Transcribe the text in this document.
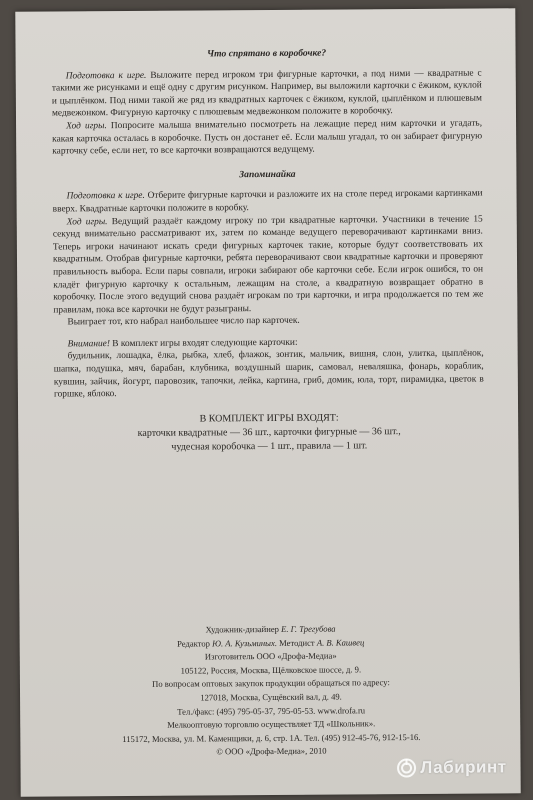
Что спрятано в коробочке?

Подготовка к игре. Выложите перед игроком три фигурные карточки, а под ними — квадратные с такими же рисунками и ещё одну с другим рисунком. Например, вы выложили карточки с ёжиком, куклой и цыплёнком. Под ними такой же ряд из квадратных карточек с ёжиком, куклой, цыплёнком и плюшевым медвежонком. Фигурную карточку с плюшевым медвежонком положите в коробочку.

Ход игры. Попросите малыша внимательно посмотреть на лежащие перед ним карточки и угадать, какая карточка осталась в коробочке. Пусть он достанет её. Если малыш угадал, то он забирает фигурную карточку себе, если нет, то все карточки возвращаются ведущему.

Запоминайка

Подготовка к игре. Отберите фигурные карточки и разложите их на столе перед игроками картинками вверх. Квадратные карточки положите в коробку.

Ход игры. Ведущий раздаёт каждому игроку по три квадратные карточки. Участники в течение 15 секунд внимательно рассматривают их, затем по команде ведущего переворачивают картинками вниз. Теперь игроки начинают искать среди фигурных карточек такие, которые будут соответствовать их квадратным. Отобрав фигурные карточки, ребята переворачивают свои квадратные карточки и проверяют правильность выбора. Если пары совпали, игроки забирают обе карточки себе. Если игрок ошибся, то он кладёт фигурную карточку к остальным, лежащим на столе, а квадратную возвращает обратно в коробочку. После этого ведущий снова раздаёт игрокам по три карточки, и игра продолжается по тем же правилам, пока все карточки не будут разыграны.

Выиграет тот, кто набрал наибольшее число пар карточек.

Внимание! В комплект игры входят следующие карточки:

будильник, лошадка, ёлка, рыбка, хлеб, флажок, зонтик, мальчик, вишня, слон, улитка, цыплёнок, шапка, подушка, мяч, барабан, клубника, воздушный шарик, самовал, неваляшка, фонарь, кораблик, кувшин, зайчик, йогурт, паровозик, тапочки, лейка, картина, гриб, домик, юла, торт, пирамидка, цветок в горшке, яблоко.

В КОМПЛЕКТ ИГРЫ ВХОДЯТ:

карточки квадратные — 36 шт., карточки фигурные — 36 шт.,

чудесная коробочка — 1 шт., правила — 1 шт.

Художник-дизайнер Е. Г. Трегубова

Редактор Ю. А. Кузьминых. Методист А. В. Кашвец

Изготовитель ООО «Дрофа-Медиа»

105122, Россия, Москва, Щёлковское шоссе, д. 9.

По вопросам оптовых закупок продукции обращаться по адресу:

127018, Москва, Сущёвский вал, д. 49.

Тел./факс: (495) 795-05-37, 795-05-53. www.drofa.ru

Мелкооптовую торговлю осуществляет ТД «Школьник».

115172, Москва, ул. М. Каменщики, д. 6, стр. 1А. Тел. (495) 912-45-76, 912-15-16.

© ООО «Дрофа-Медиа», 2010

Лабиринт
